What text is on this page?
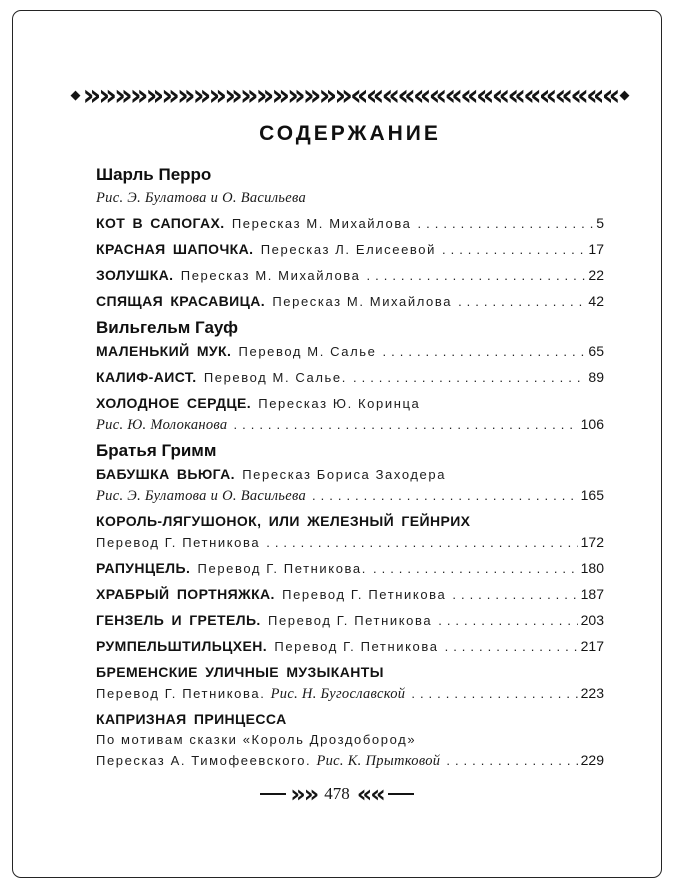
◆ »»»»»»»»»»»»»»»»» ««««««««««««««««« ◆
СОДЕРЖАНИЕ
Шарль Перро
Рис. Э. Булатова и О. Васильева
КОТ В САПОГАХ. Пересказ М. Михайлова .....	5
КРАСНАЯ ШАПОЧКА. Пересказ Л. Елисеевой .....	17
ЗОЛУШКА. Пересказ М. Михайлова .....	22
СПЯЩАЯ КРАСАВИЦА. Пересказ М. Михайлова .....	42
Вильгельм Гауф
МАЛЕНЬКИЙ МУК. Перевод М. Салье .....	65
КАЛИФ-АИСТ. Перевод М. Салье. .....	89
ХОЛОДНОЕ СЕРДЦЕ. Пересказ Ю. Коринца
Рис. Ю. Молоканова .....	106
Братья Гримм
БАБУШКА ВЬЮГА. Пересказ Бориса Заходера
Рис. Э. Булатова и О. Васильева .....	165
КОРОЛЬ-ЛЯГУШОНОК, ИЛИ ЖЕЛЕЗНЫЙ ГЕЙНРИХ
Перевод Г. Петникова .....	172
РАПУНЦЕЛЬ. Перевод Г. Петникова. .....	180
ХРАБРЫЙ ПОРТНЯЖКА. Перевод Г. Петникова .....	187
ГЕНЗЕЛЬ И ГРЕТЕЛЬ. Перевод Г. Петникова .....	203
РУМПЕЛЬШТИЛЬЦХЕН. Перевод Г. Петникова .....	217
БРЕМЕНСКИЕ УЛИЧНЫЕ МУЗЫКАНТЫ
Перевод Г. Петникова. Рис. Н. Бугославской .....	223
КАПРИЗНАЯ ПРИНЦЕССА
По мотивам сказки «Король Дроздобород»
Пересказ А. Тимофеевского. Рис. К. Прытковой .....	229
»» 478 ««
